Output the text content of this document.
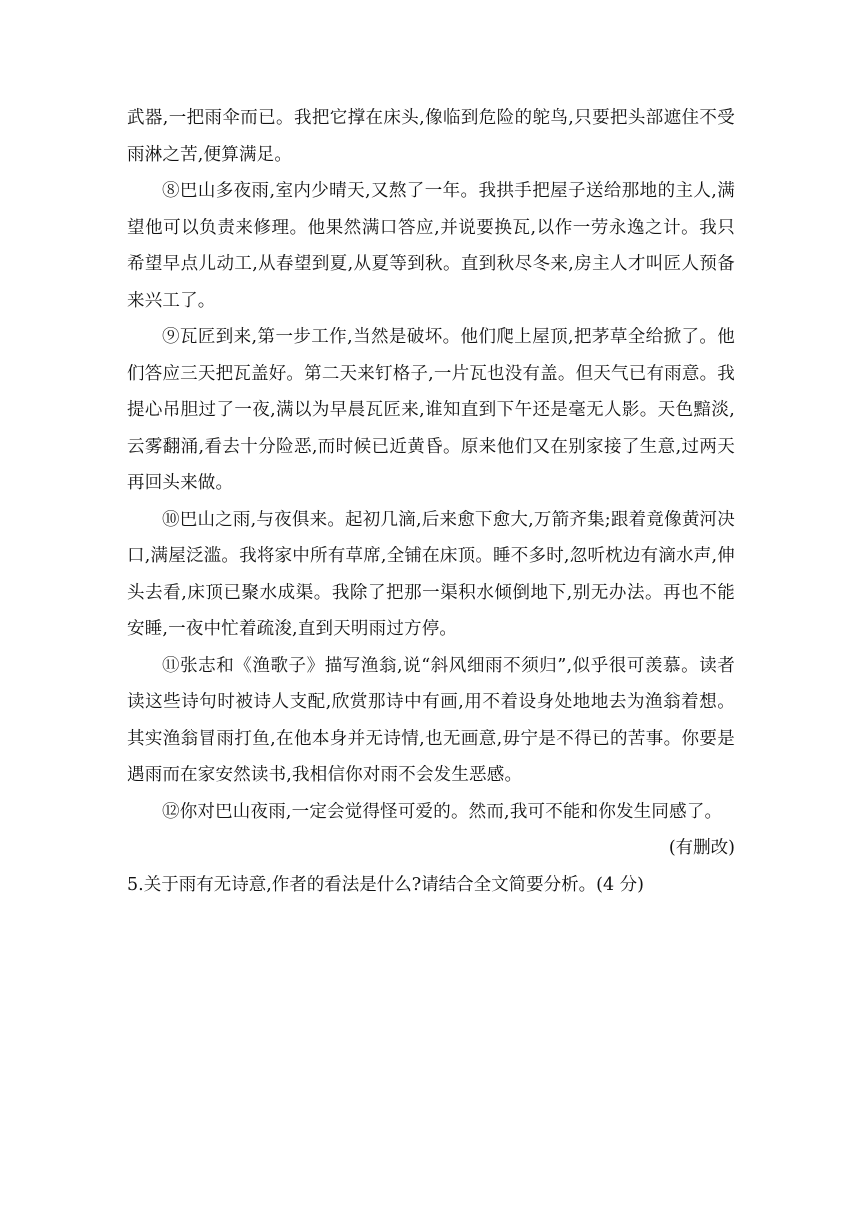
武器,一把雨伞而已。我把它撑在床头,像临到危险的鸵鸟,只要把头部遮住不受雨淋之苦,便算满足。

⑧巴山多夜雨,室内少晴天,又熬了一年。我拱手把屋子送给那地的主人,满望他可以负责来修理。他果然满口答应,并说要换瓦,以作一劳永逸之计。我只希望早点儿动工,从春望到夏,从夏等到秋。直到秋尽冬来,房主人才叫匠人预备来兴工了。

⑨瓦匠到来,第一步工作,当然是破坏。他们爬上屋顶,把茅草全给掀了。他们答应三天把瓦盖好。第二天来钉格子,一片瓦也没有盖。但天气已有雨意。我提心吊胆过了一夜,满以为早晨瓦匠来,谁知直到下午还是毫无人影。天色黯淡,云雾翻涌,看去十分险恶,而时候已近黄昏。原来他们又在别家接了生意,过两天再回头来做。

⑩巴山之雨,与夜俱来。起初几滴,后来愈下愈大,万箭齐集;跟着竟像黄河决口,满屋泛滥。我将家中所有草席,全铺在床顶。睡不多时,忽听枕边有滴水声,伸头去看,床顶已聚水成渠。我除了把那一渠积水倾倒地下,别无办法。再也不能安睡,一夜中忙着疏浚,直到天明雨过方停。

⑪张志和《渔歌子》描写渔翁,说“斜风细雨不须归”,似乎很可羡慕。读者读这些诗句时被诗人支配,欣赏那诗中有画,用不着设身处地地去为渔翁着想。其实渔翁冒雨打鱼,在他本身并无诗情,也无画意,毋宁是不得已的苦事。你要是遇雨而在家安然读书,我相信你对雨不会发生恶感。

⑫你对巴山夜雨,一定会觉得怪可爱的。然而,我可不能和你发生同感了。

(有删改)

5.关于雨有无诗意,作者的看法是什么?请结合全文简要分析。(4 分)
